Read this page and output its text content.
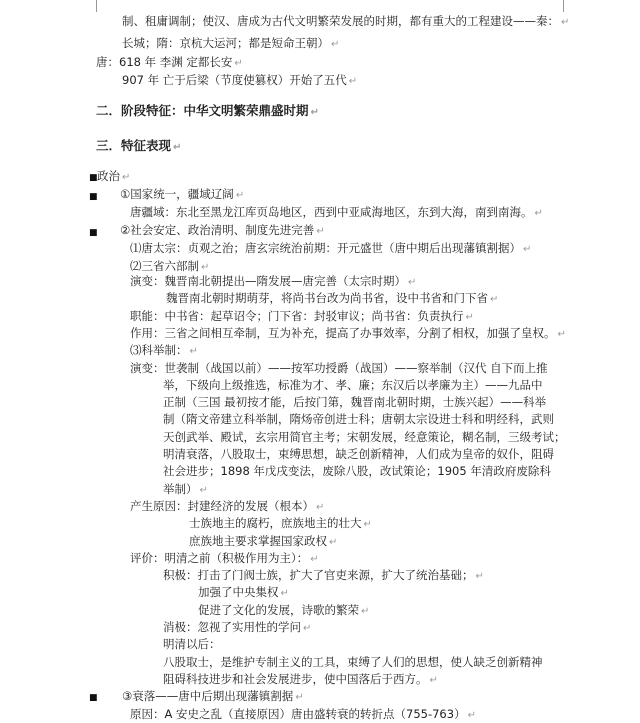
制、租庸调制；使汉、唐成为古代文明繁荣发展的时期，都有重大的工程建设——秦： ↵
长城；隋：京杭大运河；都是短命王朝） ↵
唐：618 年 李渊 定都长安 ↵
907 年 亡于后梁（节度使篡权）开始了五代 ↵
二．阶段特征：中华文明繁荣鼎盛时期 ↵
三．特征表现 ↵
■ 政治 ↵
■ ①国家统一，疆域辽阔 ↵
唐疆域：东北至黑龙江库页岛地区，西到中亚咸海地区，东到大海，南到南海。 ↵
■ ②社会安定、政治清明、制度先进完善 ↵
⑴唐太宗：贞观之治；唐玄宗统治前期：开元盛世（唐中期后出现藩镇割据） ↵
⑵三省六部制 ↵
演变：魏晋南北朝提出—隋发展—唐完善（太宗时期） ↵
魏晋南北朝时期萌芽，将尚书台改为尚书省，设中书省和门下省 ↵
职能：中书省：起草诏令；门下省：封驳审议；尚书省：负责执行 ↵
作用：三省之间相互牵制，互为补充，提高了办事效率，分割了相权，加强了皇权。 ↵
⑶科举制： ↵
演变：世袭制（战国以前）——按军功授爵（战国）——察举制（汉代 自下而上推
举，下级向上级推选，标准为才、孝、廉；东汉后以孝廉为主）——九品中
正制（三国 最初按才能，后按门第，魏晋南北朝时期，士族兴起）——科举
制（隋文帝建立科举制，隋炀帝创进士科；唐朝太宗设进士科和明经科，武则
天创武举、殿试，玄宗用简官主考；宋朝发展，经意策论，糊名制，三级考试；
明清衰落，八股取士，束缚思想，缺乏创新精神，人们成为皇帝的奴仆，阻碍
社会进步；1898 年戊戌变法，废除八股，改试策论；1905 年清政府废除科
举制） ↵
产生原因：封建经济的发展（根本） ↵
士族地主的腐朽，庶族地主的壮大 ↵
庶族地主要求掌握国家政权 ↵
评价：明清之前（积极作用为主）： ↵
积极：打击了门阀士族，扩大了官吏来源，扩大了统治基础； ↵
加强了中央集权 ↵
促进了文化的发展，诗歌的繁荣 ↵
消极：忽视了实用性的学问 ↵
明清以后：
八股取士，是维护专制主义的工具，束缚了人们的思想，使人缺乏创新精神
阻碍科技进步和社会发展进步，使中国落后于西方。 ↵
■ ③衰落——唐中后期出现藩镇割据 ↵
原因：A 安史之乱（直接原因）唐由盛转衰的转折点（755-763） ↵
